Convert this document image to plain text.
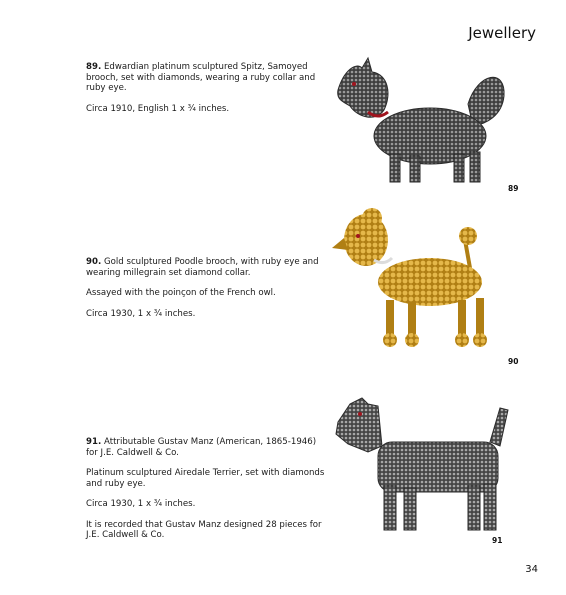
Jewellery

89. Edwardian platinum sculptured Spitz, Samoyed brooch, set with diamonds, wearing a ruby collar and ruby eye.

Circa 1910, English 1 x ¾ inches.

89

90. Gold sculptured Poodle brooch, with ruby eye and wearing millegrain set diamond collar.

Assayed with the poinçon of the French owl.

Circa 1930, 1 x ¾ inches.

90

91. Attributable Gustav Manz (American, 1865-1946) for J.E. Caldwell & Co.

Platinum sculptured Airedale Terrier, set with diamonds and ruby eye.

Circa 1930, 1 x ¾ inches.

It is recorded that Gustav Manz designed 28 pieces for J.E. Caldwell & Co.

91
34
